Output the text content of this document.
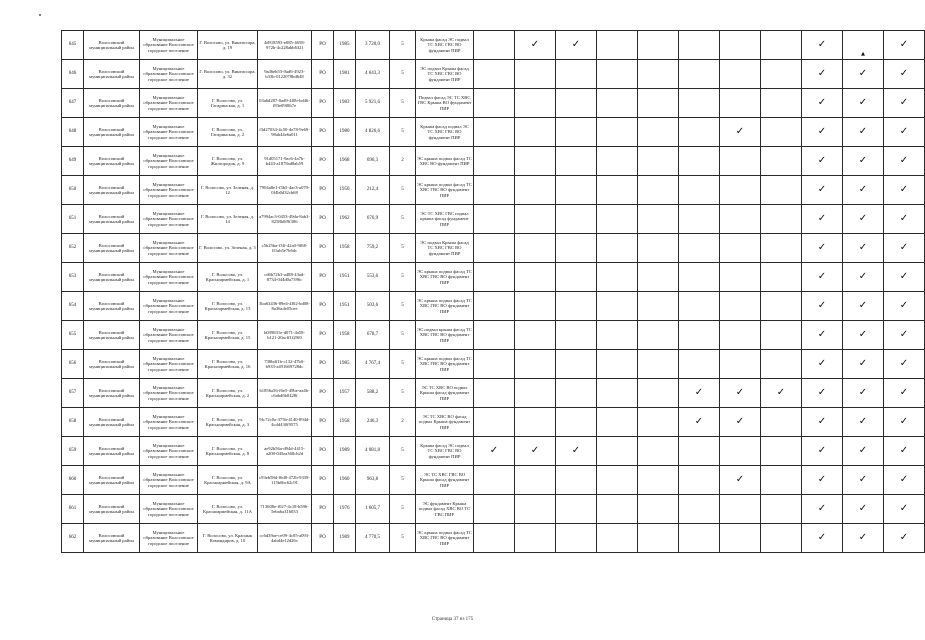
645	Волосовский муниципальный район	Муниципальное образование Волосовское городское поселение	Г. Волосово, ул. Вингиссара, д. 19	4d918593-e085-4658-972b-4c228abb632f	РО	1985	3 720,0	5	Крыша фасад ЭС подвал ТС ХВС ГВС ВО фундамент ПИР		✓	✓						✓	▲	✓
646	Волосовский муниципальный район	Муниципальное образование Волосовское городское поселение	Г. Волосово, ул. Вингиссара, д. 32	9a46eb53-0ad6-4923-b33b-0122078bd648	РО	1981	4 643,3	5	ЭС подвал Крыша фасад ТС ХВС ГВС ВО фундамент ПИР									✓	✓	✓
647	Волосовский муниципальный район	Муниципальное образование Волосовское городское поселение	Г. Волосово, ул. Гагаринская, д. 1	03a6d287-0ad9-4f0b-bd46-f83e09f8b7e	РО	1983	5 921,6	5	Подвал фасад ЭС ТС ХВС ГВС Крыша ВО фундамент ПИР									✓	✓	✓
648	Волосовский муниципальный район	Муниципальное образование Волосовское городское поселение	Г. Волосово, ул. Гагаринская, д. 2	f3d27034-4c50-4e78-9e69-98ab44e6a011	РО	1980	4 826,6	5	Крыша фасад подвал ЭС ТС ХВС ГВС ВО фундамент ПИР							✓		✓	✓	✓
649	Волосовский муниципальный район	Муниципальное образование Волосовское городское поселение	Г. Волосово, ул. Жилгородок, д. 9	91d05171-9ac6-4a7b-b443-a1878ad8ab59	РО	1968	696,3	2	ЭС крыша подвал фасад ТС ХВС ВО фундамент ПИР									✓	✓	✓
650	Волосовский муниципальный район	Муниципальное образование Волосовское городское поселение	Г. Волосово, ул. Зеленая, д. 12	7904a8e1-f3b5-4ac3-a070-0f4b0d32cb68	РО	1950	212,4	5	ЭС крыша подвал фасад ТС ХВС ГВС ВО фундамент ПИР									✓	✓	✓
651	Волосовский муниципальный район	Муниципальное образование Волосовское городское поселение	Г. Волосово, ул. Зеленая, д. 14	a7994ac3-0453-49da-8ab3-8258b0f9f306	РО	1962	676,9	5	ЭС ТС ХВС ГВС подвал крыша фасад фундамент ПИР									✓	✓	✓
652	Волосовский муниципальный район	Муниципальное образование Волосовское городское поселение	Г. Волосово, ул. Зеленая, д. 5	c5b25ba-f3ff-42a0-9f68-ff1ab5e7b6dc	РО	1958	759,2	5	ЭС подвал Крыша фасад ТС ХВС ГВС ВО фундамент ПИР									✓	✓	✓
653	Волосовский муниципальный район	Муниципальное образование Волосовское городское поселение	Г. Волосово, ул. Красноармейская, д. 1	cd6b72b3-a488-43ad-8734-044d0a7396c	РО	1951	553,6	5	ЭС крыша подвал фасад ТС ХВС ГВС ВО фундамент ПИР									✓	✓	✓
654	Волосовский муниципальный район	Муниципальное образование Волосовское городское поселение	Г. Волосово, ул. Красноармейская, д. 13	3ba63436-89e4-4f02-bd08-8a36a4e05cee	РО	1951	503,6	5	ЭС крыша подвал фасад ТС ХВС ГВС ВО фундамент ПИР									✓	✓	✓
655	Волосовский муниципальный район	Муниципальное образование Волосовское городское поселение	Г. Волосово, ул. Красноармейская, д. 15	b039831e-d071-4a58-b121-20acff1f29f0	РО	1958	678,7	5	ЭС подвал крыша фасад ТС ХВС ГВС ВО фундамент ПИР									✓	✓	✓
656	Волосовский муниципальный район	Муниципальное образование Волосовское городское поселение	Г. Волосово, ул. Красноармейская, д. 16	730bdf1b-c132-47b0-b933-a491669728dc	РО	1985	4 767,4	5	ЭС крыша подвал фасад ТС ХВС ГВС ВО фундамент ПИР									✓	✓	✓
657	Волосовский муниципальный район	Муниципальное образование Волосовское городское поселение	Г. Волосово, ул. Красноармейская, д. 2	b1856a56-f6e5-49be-aa4b-c6abd6b0428f	РО	1957	588,2	5	ЭС ТС ХВС ВО подвал Крыша фасад фундамент ПИР						✓	✓	✓	✓	✓	✓
658	Волосовский муниципальный район	Муниципальное образование Волосовское городское поселение	Г. Волосово, ул. Красноармейская, д. 3	9fc72c0a-375b-4140-894d-4cdd430f9575	РО	1958	246,3	2	ЭС ТС ХВС ВО фасад подвал Крыша фундамент ПИР						✓	✓		✓	✓	✓
659	Волосовский муниципальный район	Муниципальное образование Волосовское городское поселение	Г. Волосово, ул. Красноармейская, д. 8	ae92b56a-d94d-4415-a208-045ea368cb2d	РО	1989	4 081,8	5	Крыша фасад ЭС подвал ТС ХВС ГВС ВО фундамент ПИР	✓	✓	✓						✓	✓	✓
660	Волосовский муниципальный район	Муниципальное образование Волосовское городское поселение	Г. Волосово, ул. Красноармейская, д. 9А	c93eb58d-f6d8-472b-9339-115b6bc62c91	РО	1960	963,8	5	ЭС ТС ХВС ГВС ВО Крыша фасад фундамент ПИР							✓		✓	✓	✓
661	Волосовский муниципальный район	Муниципальное образование Волосовское городское поселение	Г. Волосово, ул. Красноармейская, д. 11А	713608e-f027-4c18-b596-5eba6a316033	РО	1976	1 605,7	5	ЭС фундамент Крыша подвал фасад ХВС ВО ТС ГВС ПИР									✓	✓	✓
662	Волосовский муниципальный район	Муниципальное образование Волосовское городское поселение	Г. Волосово, ул. Краснык Командиров, д. 10	cc6d39ae-ce09-4c05-a093-4abd4e12d26c	РО	1989	4 770,5	5	ЭС крыша подвал фасад ТС ХВС ГВС ВО фундамент ПИР									✓	✓	✓
Страница 37 из 175
